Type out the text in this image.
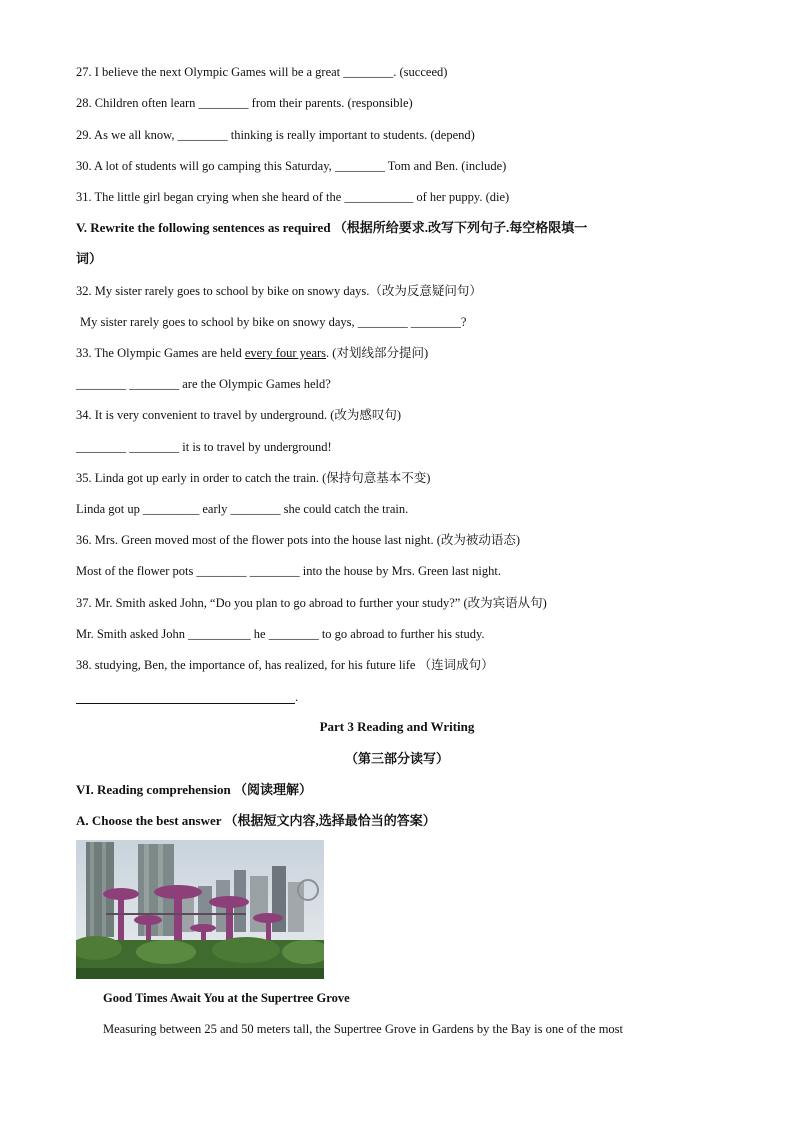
27. I believe the next Olympic Games will be a great ________. (succeed)
28. Children often learn ________ from their parents. (responsible)
29. As we all know, ________ thinking is really important to students. (depend)
30. A lot of students will go camping this Saturday, ________ Tom and Ben. (include)
31. The little girl began crying when she heard of the ___________ of her puppy. (die)
V. Rewrite the following sentences as required （根据所给要求.改写下列句子.每空格限填一
词）
32. My sister rarely goes to school by bike on snowy days.（改为反意疑问句）
My sister rarely goes to school by bike on snowy days, ________ ________?
33. The Olympic Games are held every four years. (对划线部分提问)
________ ________ are the Olympic Games held?
34. It is very convenient to travel by underground. (改为感叹句)
________ ________ it is to travel by underground!
35. Linda got up early in order to catch the train. (保持句意基本不变)
Linda got up _________ early ________ she could catch the train.
36. Mrs. Green moved most of the flower pots into the house last night. (改为被动语态)
Most of the flower pots ________ ________ into the house by Mrs. Green last night.
37. Mr. Smith asked John, “Do you plan to go abroad to further your study?” (改为宾语从句)
Mr. Smith asked John __________ he ________ to go abroad to further his study.
38. studying, Ben, the importance of, has realized, for his future life （连词成句）
.
Part 3 Reading and Writing
（第三部分读写）
VI. Reading comprehension （阅读理解）
A. Choose the best answer （根据短文内容,选择最恰当的答案）
Good Times Await You at the Supertree Grove
Measuring between 25 and 50 meters tall, the Supertree Grove in Gardens by the Bay is one of the most
